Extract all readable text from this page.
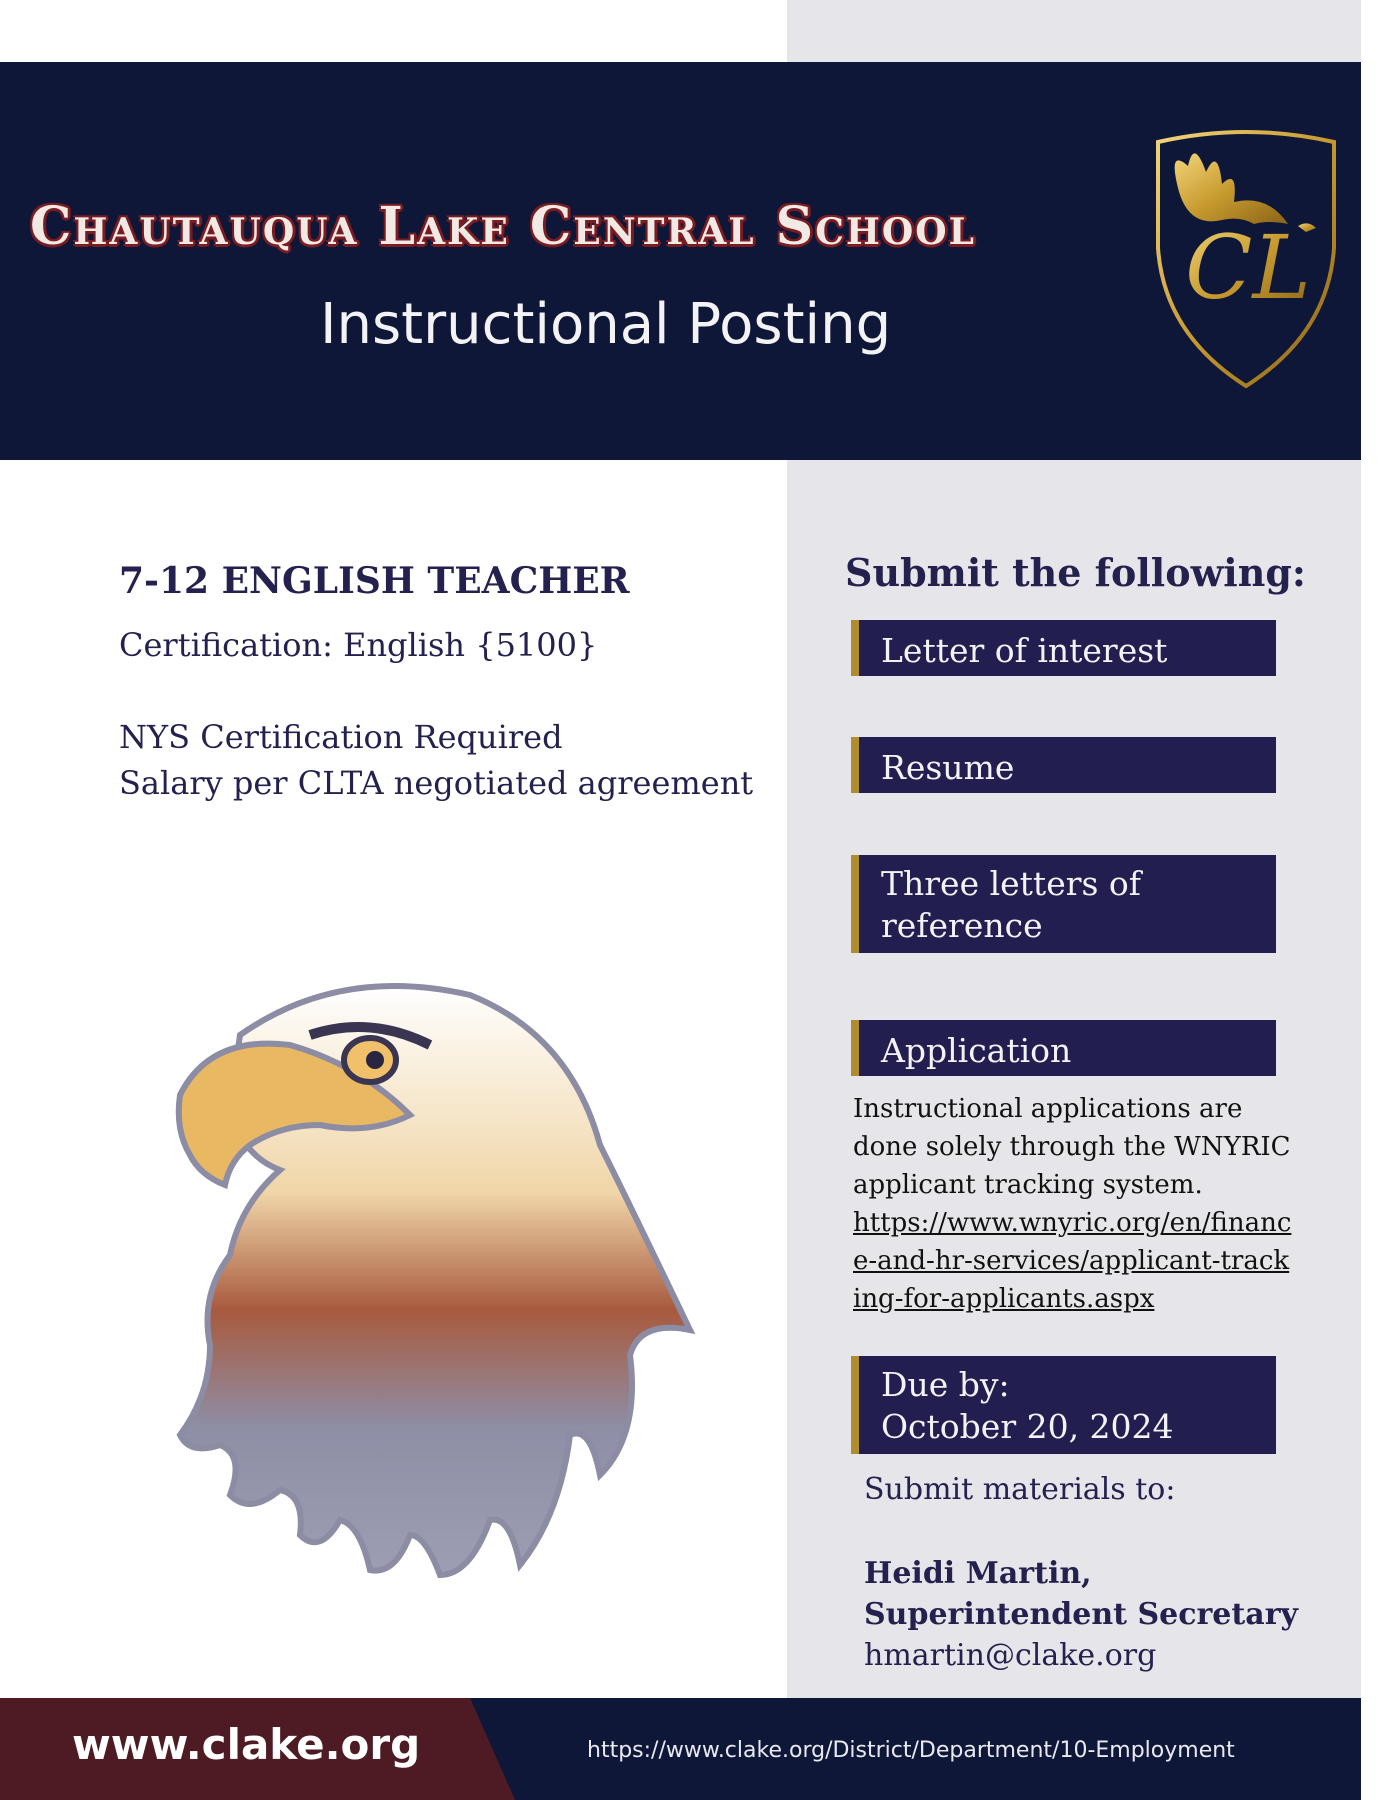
Chautauqua Lake Central School
Instructional Posting
CL
7-12 ENGLISH TEACHER
Certification: English {5100}
NYS Certification Required
Salary per CLTA negotiated agreement
Submit the following:
Letter of interest
Resume
Three letters of
reference
Application
Instructional applications are done solely through the WNYRIC applicant tracking system.
https://www.wnyric.org/en/finance-and-hr-services/applicant-tracking-for-applicants.aspx
Due by:
October 20, 2024
Submit materials to:
Heidi Martin,
Superintendent Secretary
hmartin@clake.org
www.clake.org	https://www.clake.org/District/Department/10-Employment
